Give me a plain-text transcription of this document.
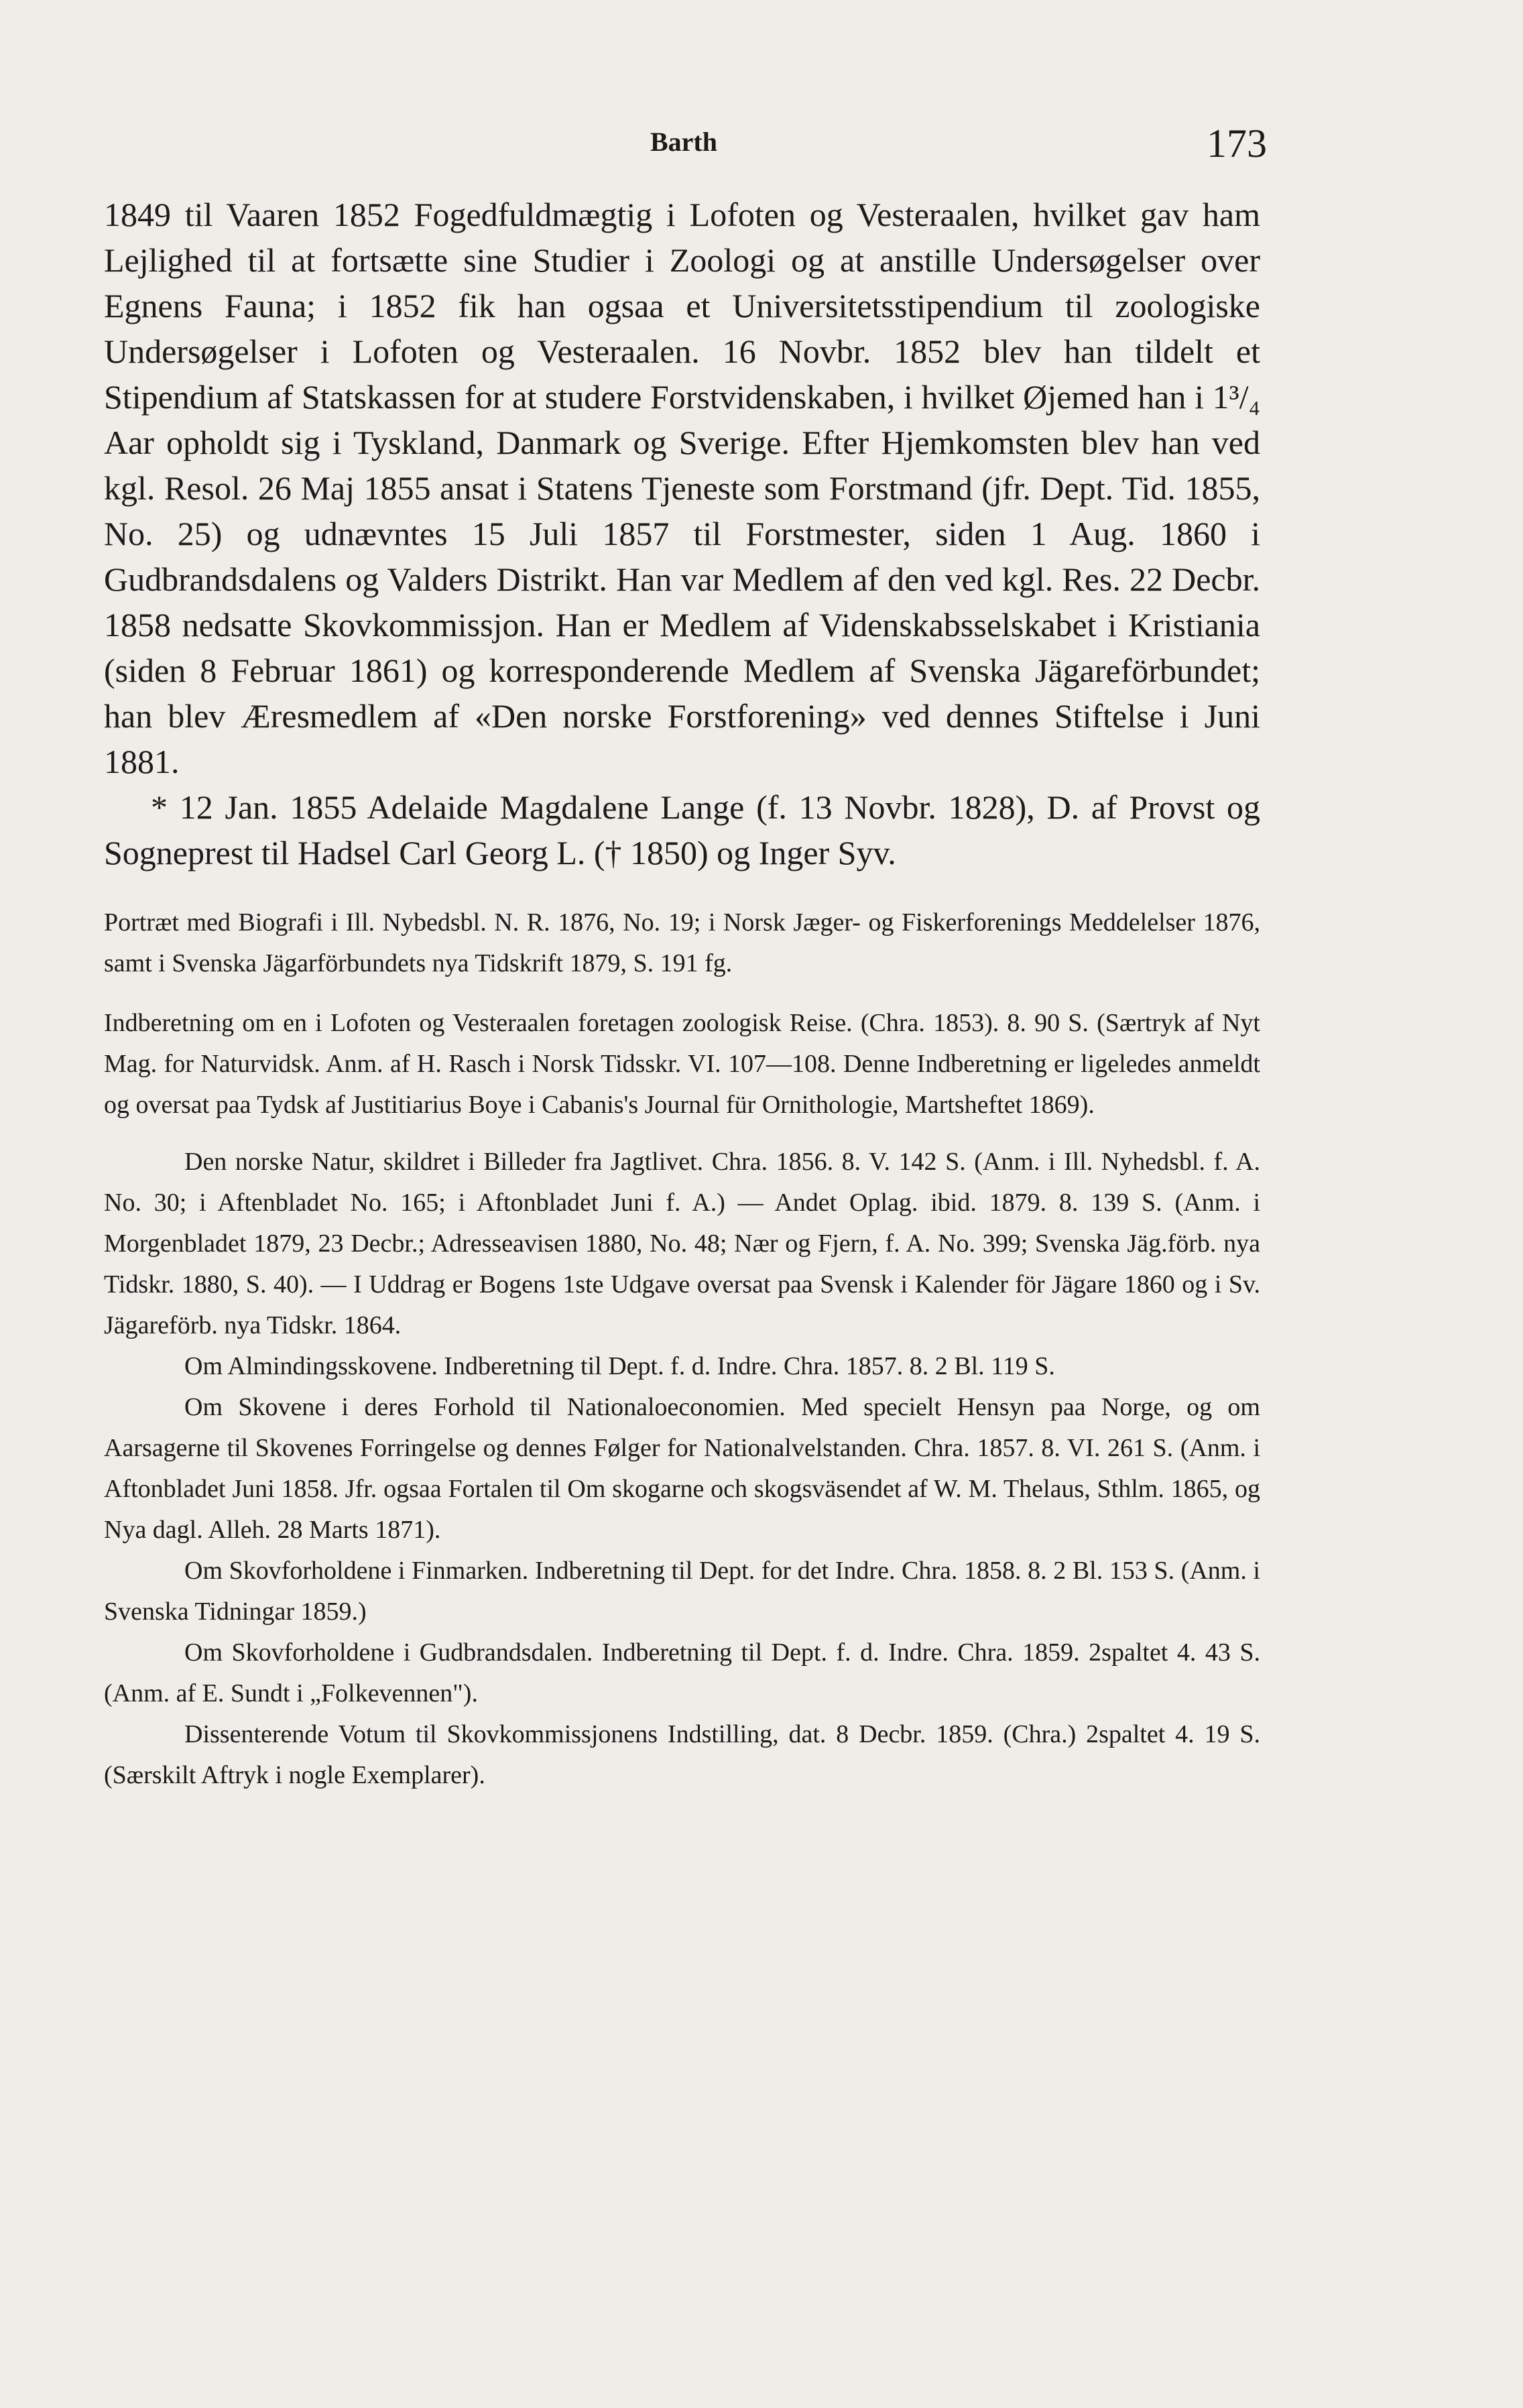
Barth	173

1849 til Vaaren 1852 Fogedfuldmægtig i Lofoten og Vesteraalen, hvilket gav ham Lejlighed til at fortsætte sine Studier i Zoologi og at anstille Undersøgelser over Egnens Fauna; i 1852 fik han ogsaa et Universitetsstipendium til zoologiske Undersøgelser i Lofoten og Vesteraalen. 16 Novbr. 1852 blev han tildelt et Stipendium af Statskassen for at studere Forstvidenskaben, i hvilket Øjemed han i 1³/₄ Aar opholdt sig i Tyskland, Danmark og Sverige. Efter Hjemkomsten blev han ved kgl. Resol. 26 Maj 1855 ansat i Statens Tjeneste som Forstmand (jfr. Dept. Tid. 1855, No. 25) og udnævntes 15 Juli 1857 til Forstmester, siden 1 Aug. 1860 i Gudbrandsdalens og Valders Distrikt. Han var Medlem af den ved kgl. Res. 22 Decbr. 1858 nedsatte Skovkommissjon. Han er Medlem af Videnskabsselskabet i Kristiania (siden 8 Februar 1861) og korresponderende Medlem af Svenska Jägareförbundet; han blev Æresmedlem af «Den norske Forstforening» ved dennes Stiftelse i Juni 1881.

* 12 Jan. 1855 Adelaide Magdalene Lange (f. 13 Novbr. 1828), D. af Provst og Sogneprest til Hadsel Carl Georg L. († 1850) og Inger Syv.

Portræt med Biografi i Ill. Nybedsbl. N. R. 1876, No. 19; i Norsk Jæger- og Fiskerforenings Meddelelser 1876, samt i Svenska Jägarförbundets nya Tidskrift 1879, S. 191 fg.

Indberetning om en i Lofoten og Vesteraalen foretagen zoologisk Reise. (Chra. 1853). 8. 90 S. (Særtryk af Nyt Mag. for Naturvidsk. Anm. af H. Rasch i Norsk Tidsskr. VI. 107—108. Denne Indberetning er ligeledes anmeldt og oversat paa Tydsk af Justitiarius Boye i Cabanis's Journal für Ornithologie, Martsheftet 1869).

Den norske Natur, skildret i Billeder fra Jagtlivet. Chra. 1856. 8. V. 142 S. (Anm. i Ill. Nyhedsbl. f. A. No. 30; i Aftenbladet No. 165; i Aftonbladet Juni f. A.) — Andet Oplag. ibid. 1879. 8. 139 S. (Anm. i Morgenbladet 1879, 23 Decbr.; Adresseavisen 1880, No. 48; Nær og Fjern, f. A. No. 399; Svenska Jäg.förb. nya Tidskr. 1880, S. 40). — I Uddrag er Bogens 1ste Udgave oversat paa Svensk i Kalender för Jägare 1860 og i Sv. Jägareförb. nya Tidskr. 1864.

Om Almindingsskovene. Indberetning til Dept. f. d. Indre. Chra. 1857. 8. 2 Bl. 119 S.

Om Skovene i deres Forhold til Nationaloeconomien. Med specielt Hensyn paa Norge, og om Aarsagerne til Skovenes Forringelse og dennes Følger for Nationalvelstanden. Chra. 1857. 8. VI. 261 S. (Anm. i Aftonbladet Juni 1858. Jfr. ogsaa Fortalen til Om skogarne och skogsväsendet af W. M. Thelaus, Sthlm. 1865, og Nya dagl. Alleh. 28 Marts 1871).

Om Skovforholdene i Finmarken. Indberetning til Dept. for det Indre. Chra. 1858. 8. 2 Bl. 153 S. (Anm. i Svenska Tidningar 1859.)

Om Skovforholdene i Gudbrandsdalen. Indberetning til Dept. f. d. Indre. Chra. 1859. 2spaltet 4. 43 S. (Anm. af E. Sundt i „Folkevennen").

Dissenterende Votum til Skovkommissjonens Indstilling, dat. 8 Decbr. 1859. (Chra.) 2spaltet 4. 19 S. (Særskilt Aftryk i nogle Exemplarer).
